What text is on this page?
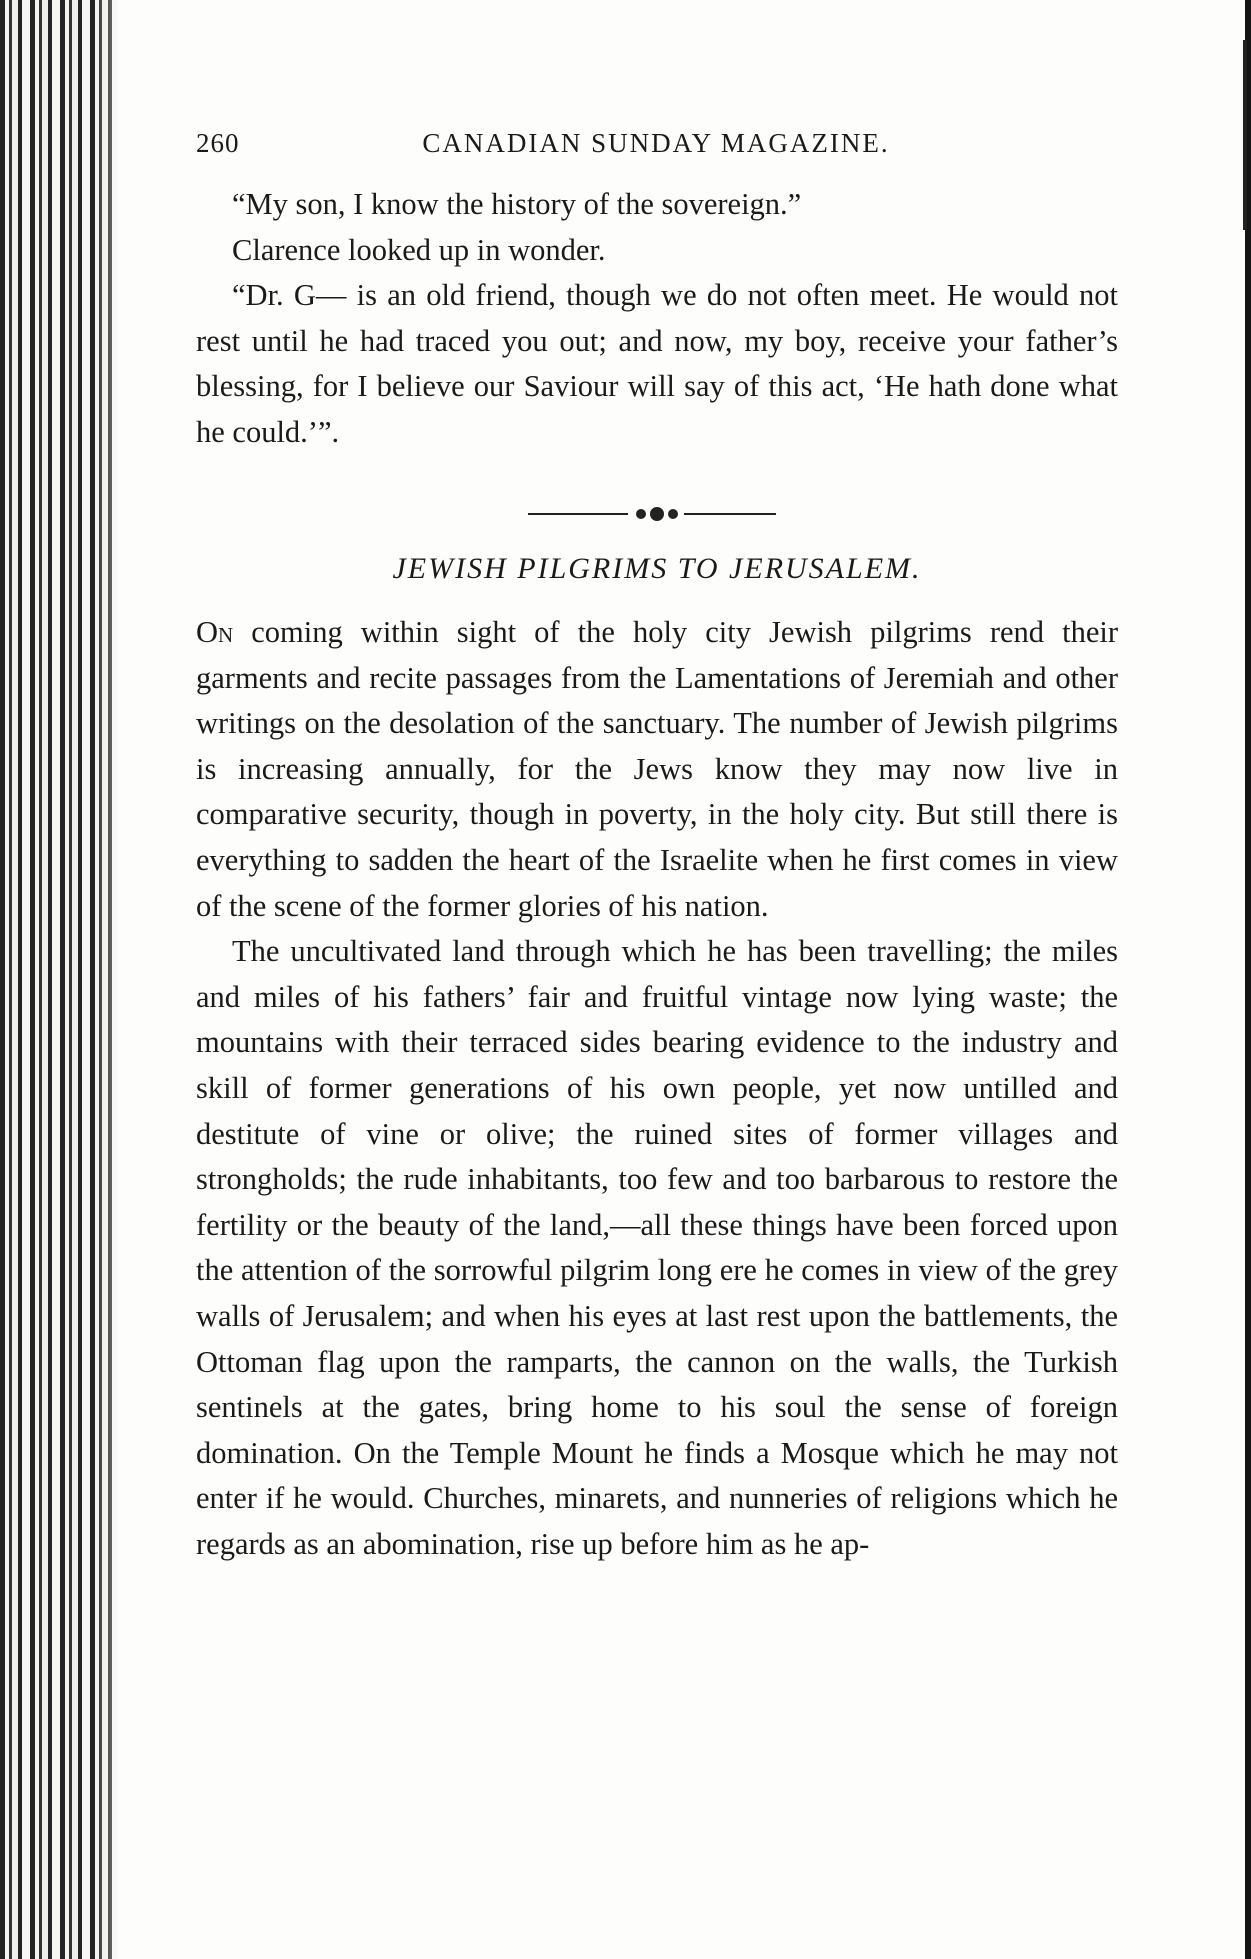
260	CANADIAN SUNDAY MAGAZINE.

“My son, I know the history of the sovereign.”

Clarence looked up in wonder.

“Dr. G— is an old friend, though we do not often meet. He would not rest until he had traced you out; and now, my boy, receive your father’s blessing, for I believe our Saviour will say of this act, ‘He hath done what he could.’”.

JEWISH PILGRIMS TO JERUSALEM.

On coming within sight of the holy city Jewish pilgrims rend their garments and recite passages from the Lamentations of Jeremiah and other writings on the desolation of the sanctuary. The number of Jewish pilgrims is increasing annually, for the Jews know they may now live in comparative security, though in poverty, in the holy city. But still there is everything to sadden the heart of the Israelite when he first comes in view of the scene of the former glories of his nation.

The uncultivated land through which he has been travelling; the miles and miles of his fathers’ fair and fruitful vintage now lying waste; the mountains with their terraced sides bearing evidence to the industry and skill of former generations of his own people, yet now untilled and destitute of vine or olive; the ruined sites of former villages and strongholds; the rude inhabitants, too few and too barbarous to restore the fertility or the beauty of the land,—all these things have been forced upon the attention of the sorrowful pilgrim long ere he comes in view of the grey walls of Jerusalem; and when his eyes at last rest upon the battlements, the Ottoman flag upon the ramparts, the cannon on the walls, the Turkish sentinels at the gates, bring home to his soul the sense of foreign domination. On the Temple Mount he finds a Mosque which he may not enter if he would. Churches, minarets, and nunneries of religions which he regards as an abomination, rise up before him as he ap-
